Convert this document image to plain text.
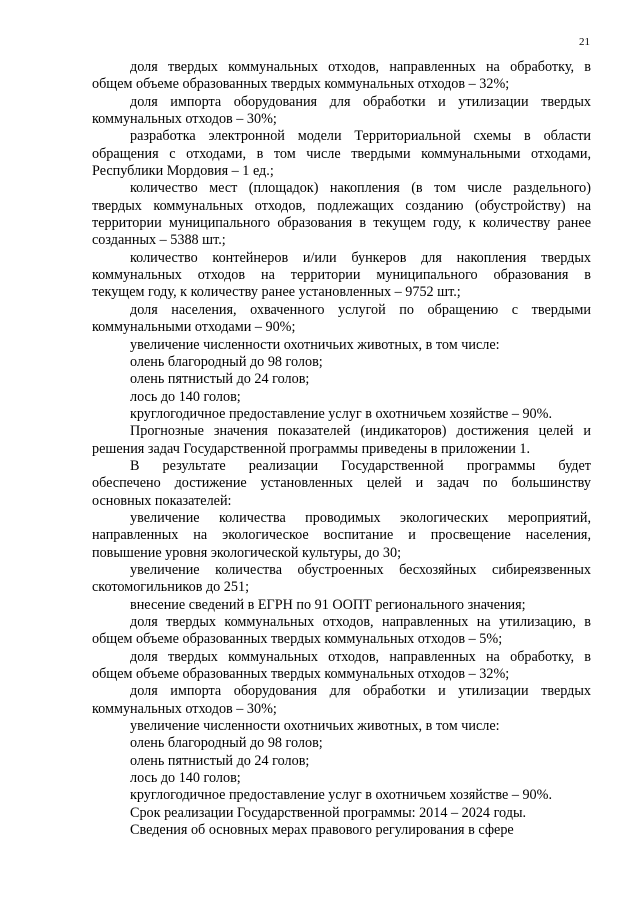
21
доля твердых коммунальных отходов, направленных на обработку, в
общем объеме образованных твердых коммунальных отходов – 32%;
доля импорта оборудования для обработки и утилизации твердых
коммунальных отходов – 30%;
разработка электронной модели Территориальной схемы в области
обращения с отходами, в том числе твердыми коммунальными отходами,
Республики Мордовия – 1 ед.;
количество мест (площадок) накопления (в том числе раздельного)
твердых коммунальных отходов, подлежащих созданию (обустройству) на
территории муниципального образования в текущем году, к количеству ранее
созданных – 5388 шт.;
количество контейнеров и/или бункеров для накопления твердых
коммунальных отходов на территории муниципального образования в
текущем году, к количеству ранее установленных – 9752 шт.;
доля населения, охваченного услугой по обращению с твердыми
коммунальными отходами – 90%;
увеличение численности охотничьих животных, в том числе:
олень благородный до 98 голов;
олень пятнистый до 24 голов;
лось до 140 голов;
круглогодичное предоставление услуг в охотничьем хозяйстве – 90%.
Прогнозные значения показателей (индикаторов) достижения целей и
решения задач Государственной программы приведены в приложении 1.
В результате реализации Государственной программы будет
обеспечено достижение установленных целей и задач по большинству
основных показателей:
увеличение количества проводимых экологических мероприятий,
направленных на экологическое воспитание и просвещение населения,
повышение уровня экологической культуры, до 30;
увеличение количества обустроенных бесхозяйных сибиреязвенных
скотомогильников до 251;
внесение сведений в ЕГРН по 91 ООПТ регионального значения;
доля твердых коммунальных отходов, направленных на утилизацию, в
общем объеме образованных твердых коммунальных отходов – 5%;
доля твердых коммунальных отходов, направленных на обработку, в
общем объеме образованных твердых коммунальных отходов – 32%;
доля импорта оборудования для обработки и утилизации твердых
коммунальных отходов – 30%;
увеличение численности охотничьих животных, в том числе:
олень благородный до 98 голов;
олень пятнистый до 24 голов;
лось до 140 голов;
круглогодичное предоставление услуг в охотничьем хозяйстве – 90%.
Срок реализации Государственной программы: 2014 – 2024 годы.
Сведения об основных мерах правового регулирования в сфере
